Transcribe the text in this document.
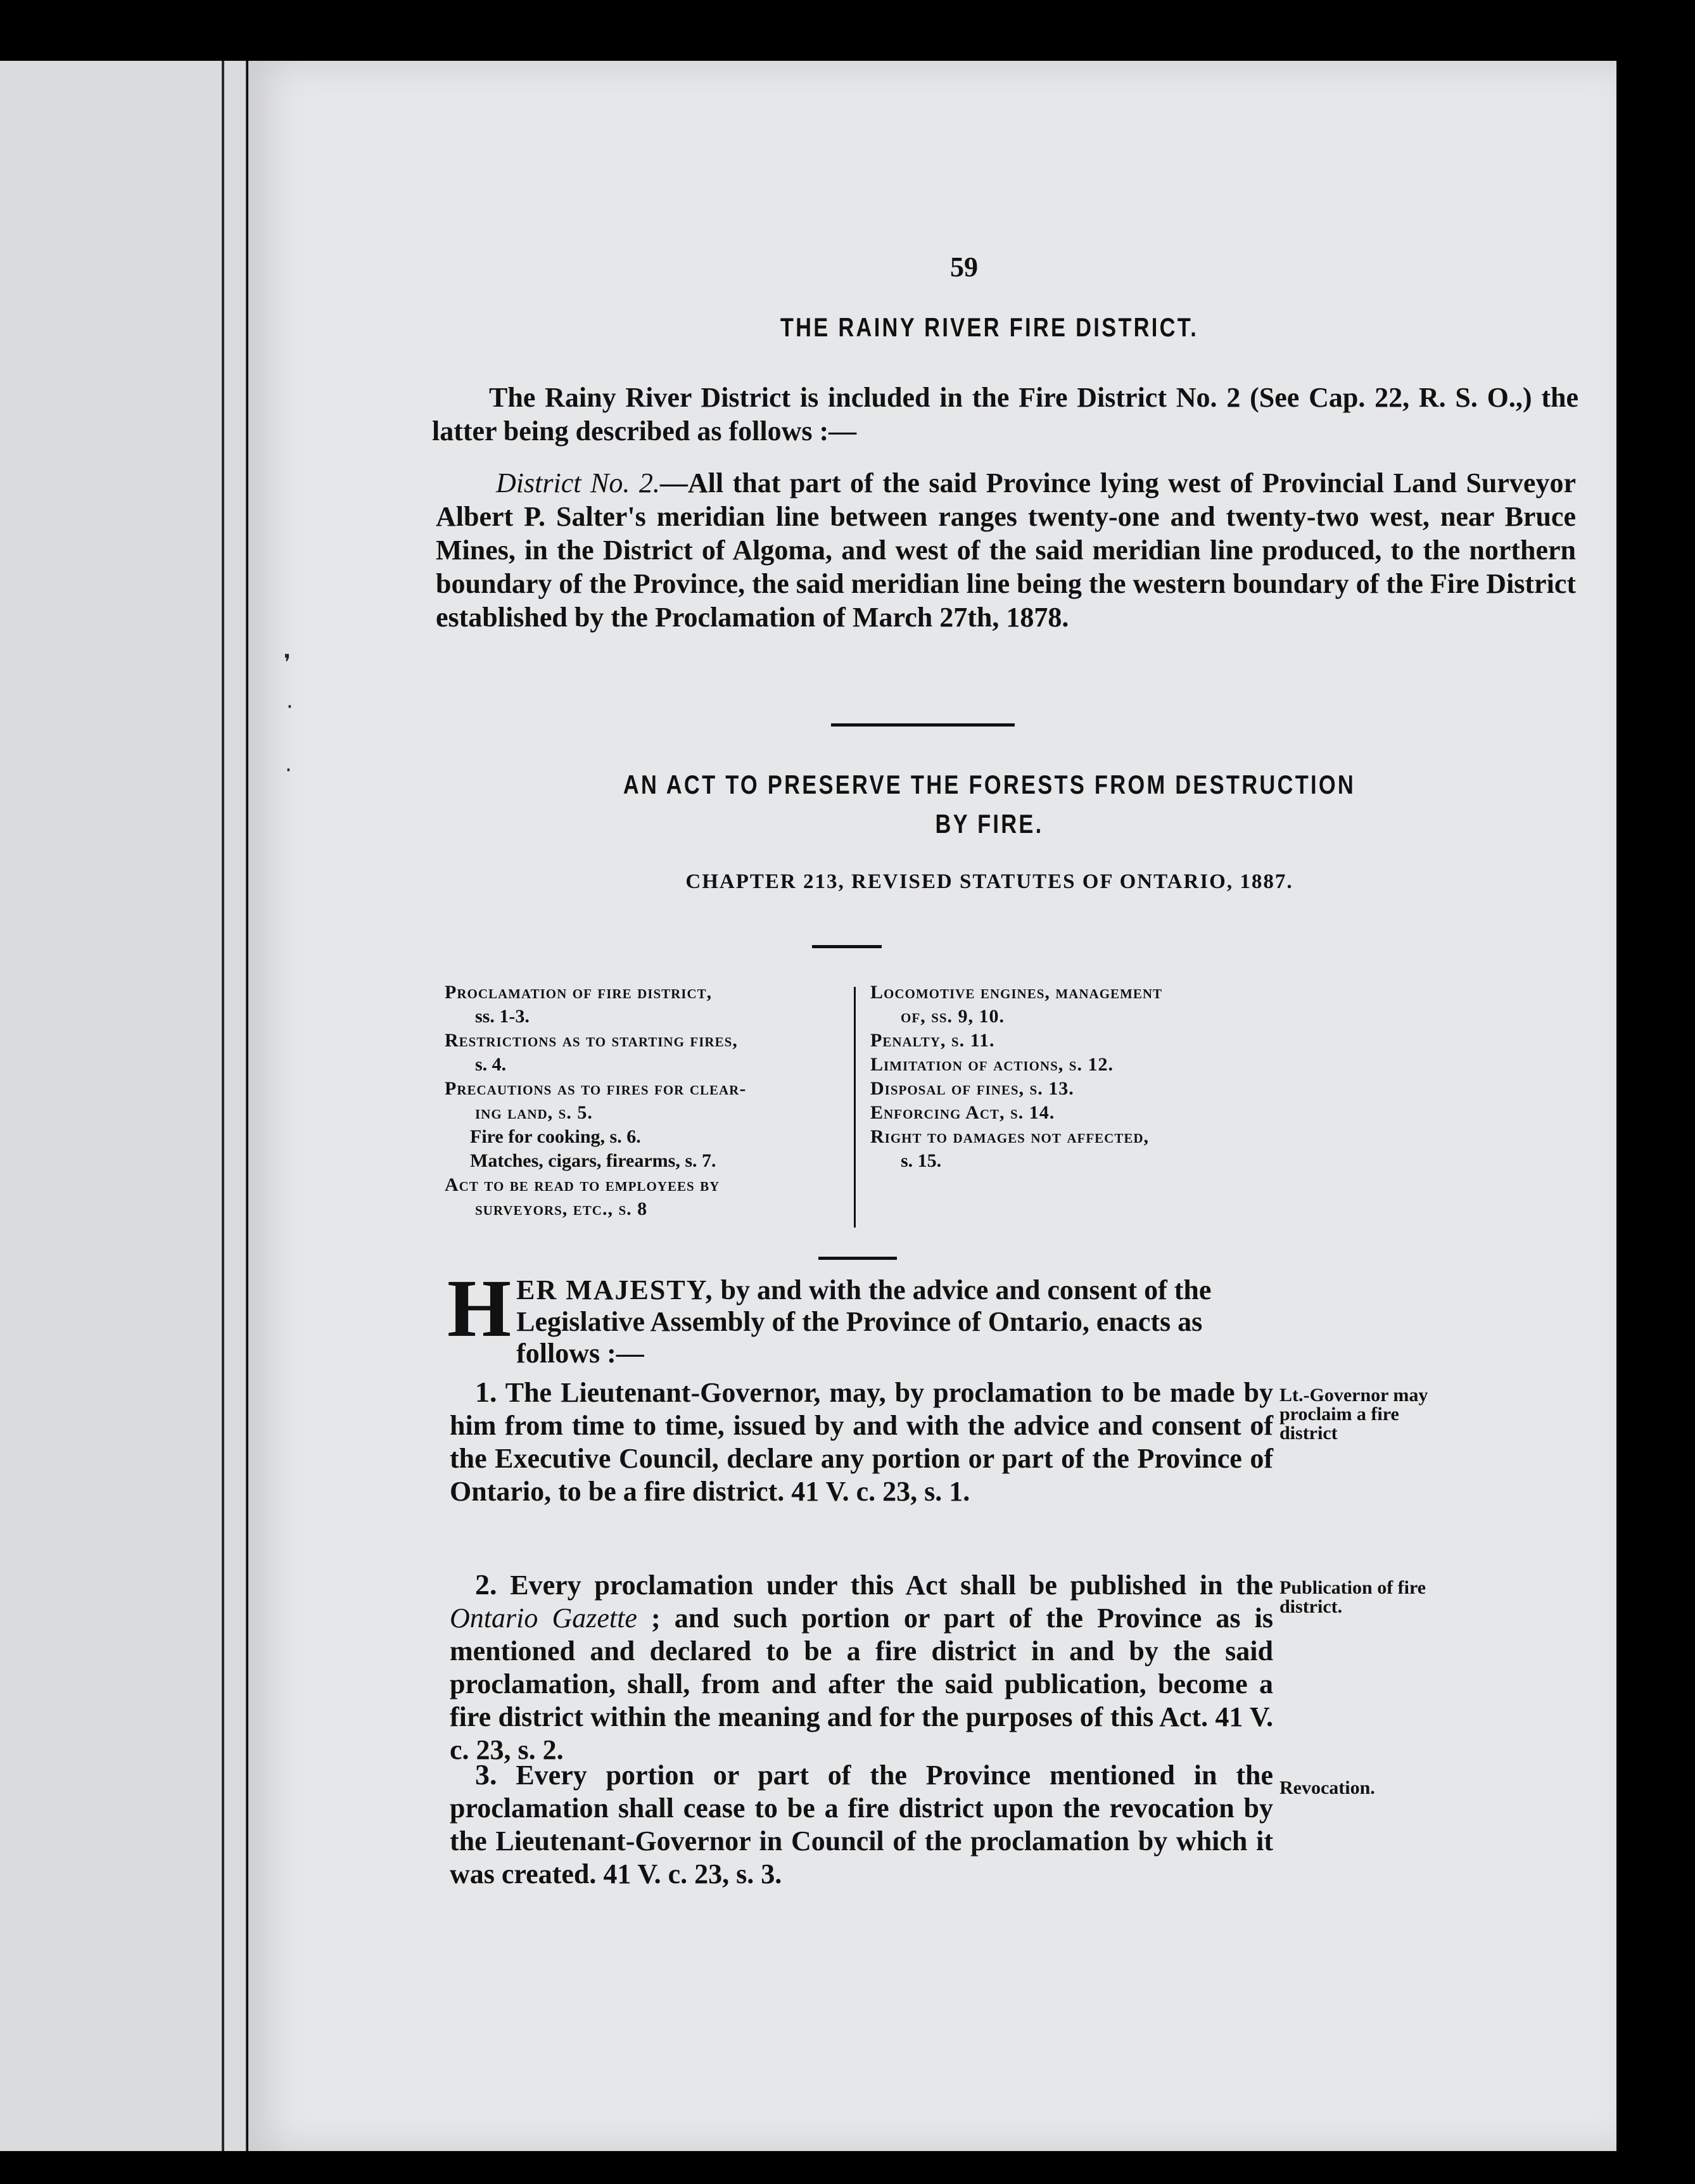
59
THE RAINY RIVER FIRE DISTRICT.
The Rainy River District is included in the Fire District No. 2 (See Cap. 22, R. S. O.,) the latter being described as follows :—
District No. 2.—All that part of the said Province lying west of Provincial Land Surveyor Albert P. Salter's meridian line between ranges twenty-one and twenty-two west, near Bruce Mines, in the District of Algoma, and west of the said meridian line produced, to the northern boundary of the Province, the said meridian line being the western boundary of the Fire District established by the Proclamation of March 27th, 1878.
AN ACT TO PRESERVE THE FORESTS FROM DESTRUCTION
BY FIRE.
CHAPTER 213, REVISED STATUTES OF ONTARIO, 1887.

Proclamation of fire district,
ss. 1-3.

Restrictions as to starting fires,
s. 4.

Precautions as to fires for clear-
ing land, s. 5.

Fire for cooking, s. 6.

Matches, cigars, firearms, s. 7.

Act to be read to employees by
surveyors, etc., s. 8

Locomotive engines, management
of, ss. 9, 10.

Penalty, s. 11.

Limitation of actions, s. 12.

Disposal of fines, s. 13.

Enforcing Act, s. 14.

Right to damages not affected,
s. 15.

HER MAJESTY, by and with the advice and consent of the Legislative Assembly of the Province of Ontario, enacts as follows :—
1. The Lieutenant-Governor, may, by proclamation to be made by him from time to time, issued by and with the advice and consent of the Executive Council, declare any portion or part of the Province of Ontario, to be a fire district. 41 V. c. 23, s. 1.
Lt.-Governor may proclaim a fire district
2. Every proclamation under this Act shall be published in the Ontario Gazette ; and such portion or part of the Province as is mentioned and declared to be a fire district in and by the said proclamation, shall, from and after the said publication, become a fire district within the meaning and for the purposes of this Act. 41 V. c. 23, s. 2.
Publication of fire district.
3. Every portion or part of the Province mentioned in the proclamation shall cease to be a fire district upon the revocation by the Lieutenant-Governor in Council of the proclamation by which it was created. 41 V. c. 23, s. 3.
Revocation.
❜
·
·
